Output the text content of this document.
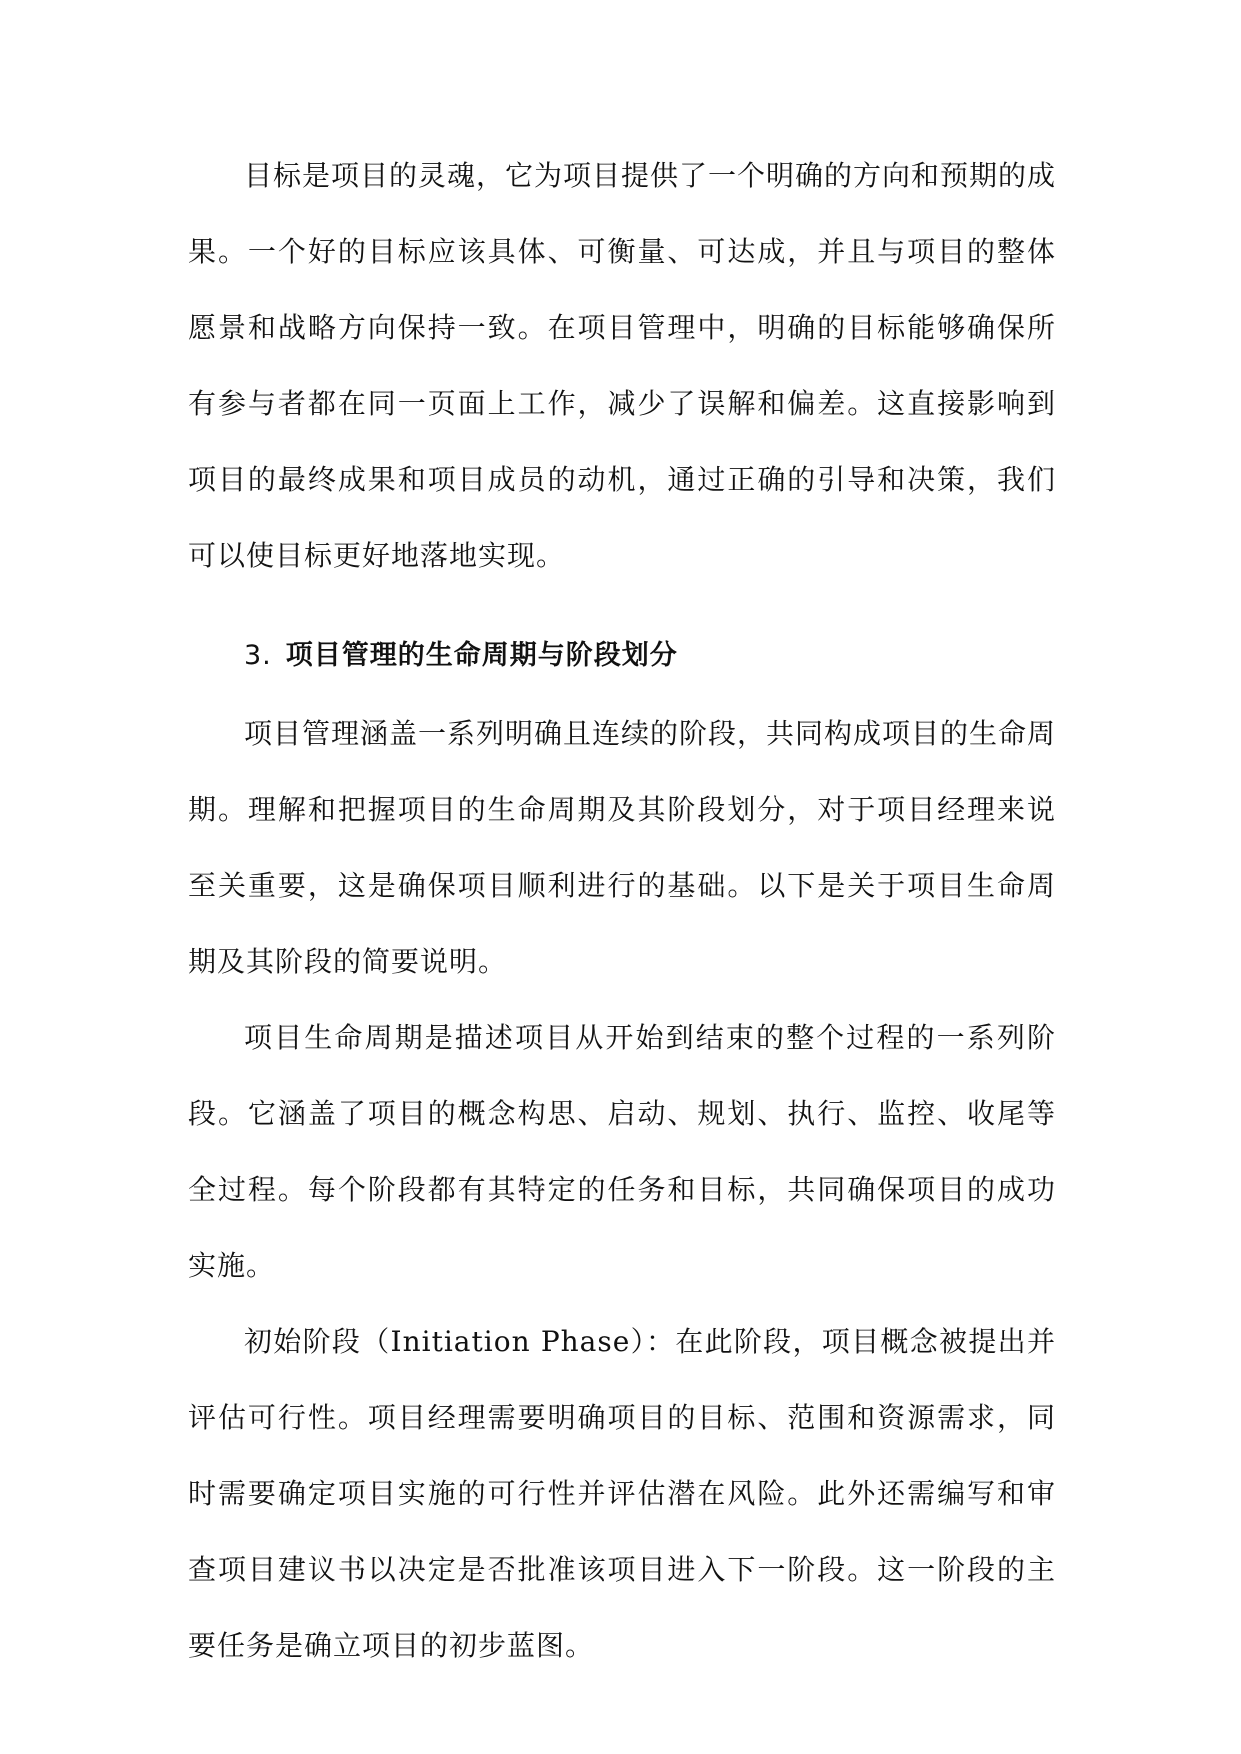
目标是项目的灵魂，它为项目提供了一个明确的方向和预期的成果。一个好的目标应该具体、可衡量、可达成，并且与项目的整体愿景和战略方向保持一致。在项目管理中，明确的目标能够确保所有参与者都在同一页面上工作，减少了误解和偏差。这直接影响到项目的最终成果和项目成员的动机，通过正确的引导和决策，我们可以使目标更好地落地实现。

3. 项目管理的生命周期与阶段划分

项目管理涵盖一系列明确且连续的阶段，共同构成项目的生命周期。理解和把握项目的生命周期及其阶段划分，对于项目经理来说至关重要，这是确保项目顺利进行的基础。以下是关于项目生命周期及其阶段的简要说明。

项目生命周期是描述项目从开始到结束的整个过程的一系列阶段。它涵盖了项目的概念构思、启动、规划、执行、监控、收尾等全过程。每个阶段都有其特定的任务和目标，共同确保项目的成功实施。

初始阶段（Initiation Phase）：在此阶段，项目概念被提出并评估可行性。项目经理需要明确项目的目标、范围和资源需求，同时需要确定项目实施的可行性并评估潜在风险。此外还需编写和审查项目建议书以决定是否批准该项目进入下一阶段。这一阶段的主要任务是确立项目的初步蓝图。
